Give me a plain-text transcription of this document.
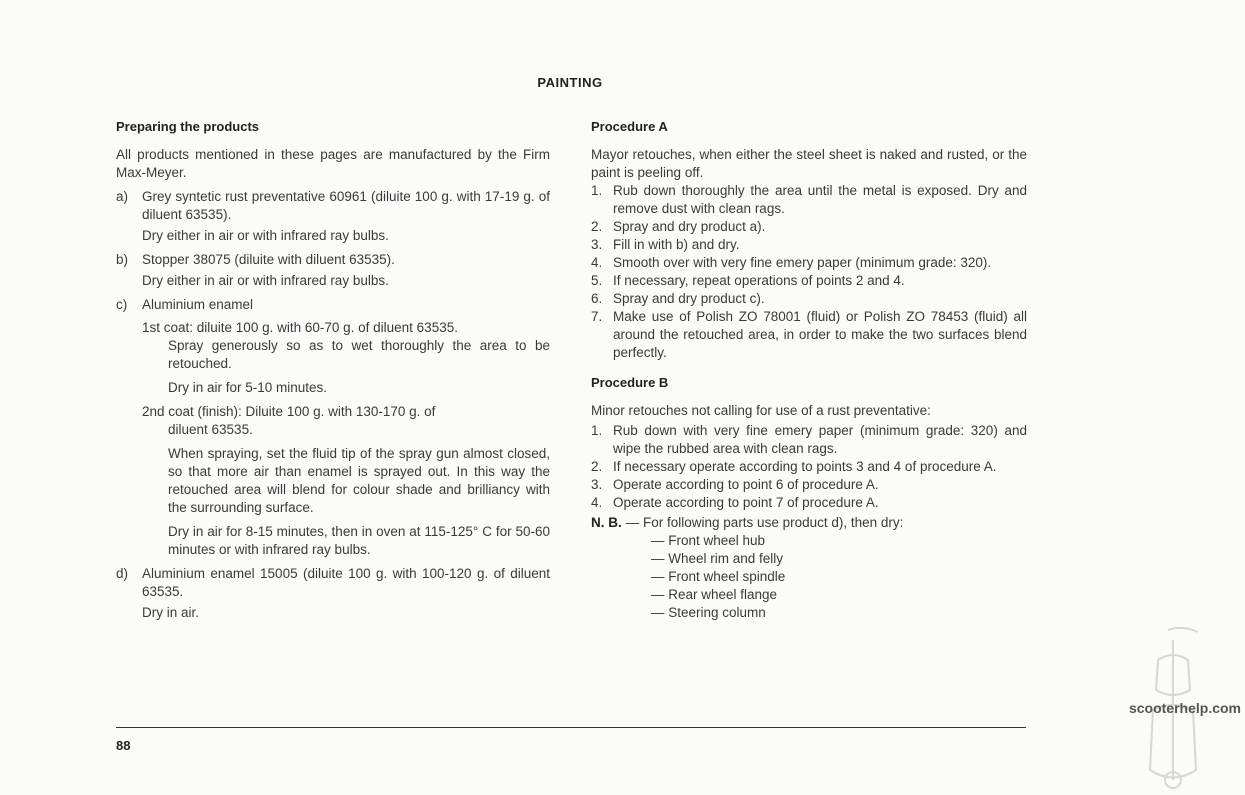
PAINTING
Preparing the products
All products mentioned in these pages are manufactured by the Firm Max-Meyer.
a)	Grey syntetic rust preventative 60961 (diluite 100 g. with 17-19 g. of diluent 63535).
Dry either in air or with infrared ray bulbs.
b)	Stopper 38075 (diluite with diluent 63535).
Dry either in air or with infrared ray bulbs.
c)	Aluminium enamel
1st coat: diluite 100 g. with 60-70 g. of diluent 63535.
Spray generously so as to wet thoroughly the area to be retouched.
Dry in air for 5-10 minutes.
2nd coat (finish): Diluite 100 g. with 130-170 g. of
diluent 63535.
When spraying, set the fluid tip of the spray gun almost closed, so that more air than enamel is sprayed out. In this way the retouched area will blend for colour shade and brilliancy with the surrounding surface.
Dry in air for 8-15 minutes, then in oven at 115-125° C for 50-60 minutes or with infrared ray bulbs.
d)	Aluminium enamel 15005 (diluite 100 g. with 100-120 g. of diluent 63535.
Dry in air.
Procedure A
Mayor retouches, when either the steel sheet is naked and rusted, or the paint is peeling off.
1. Rub down thoroughly the area until the metal is exposed. Dry and remove dust with clean rags.
2. Spray and dry product a).
3. Fill in with b) and dry.
4. Smooth over with very fine emery paper (minimum grade: 320).
5. If necessary, repeat operations of points 2 and 4.
6. Spray and dry product c).
7. Make use of Polish ZO 78001 (fluid) or Polish ZO 78453 (fluid) all around the retouched area, in order to make the two surfaces blend perfectly.
Procedure B
Minor retouches not calling for use of a rust preventative:
1. Rub down with very fine emery paper (minimum grade: 320) and wipe the rubbed area with clean rags.
2. If necessary operate according to points 3 and 4 of procedure A.
3. Operate according to point 6 of procedure A.
4. Operate according to point 7 of procedure A.
N. B. — For following parts use product d), then dry:
— Front wheel hub
— Wheel rim and felly
— Front wheel spindle
— Rear wheel flange
— Steering column
88
scooterhelp.com
